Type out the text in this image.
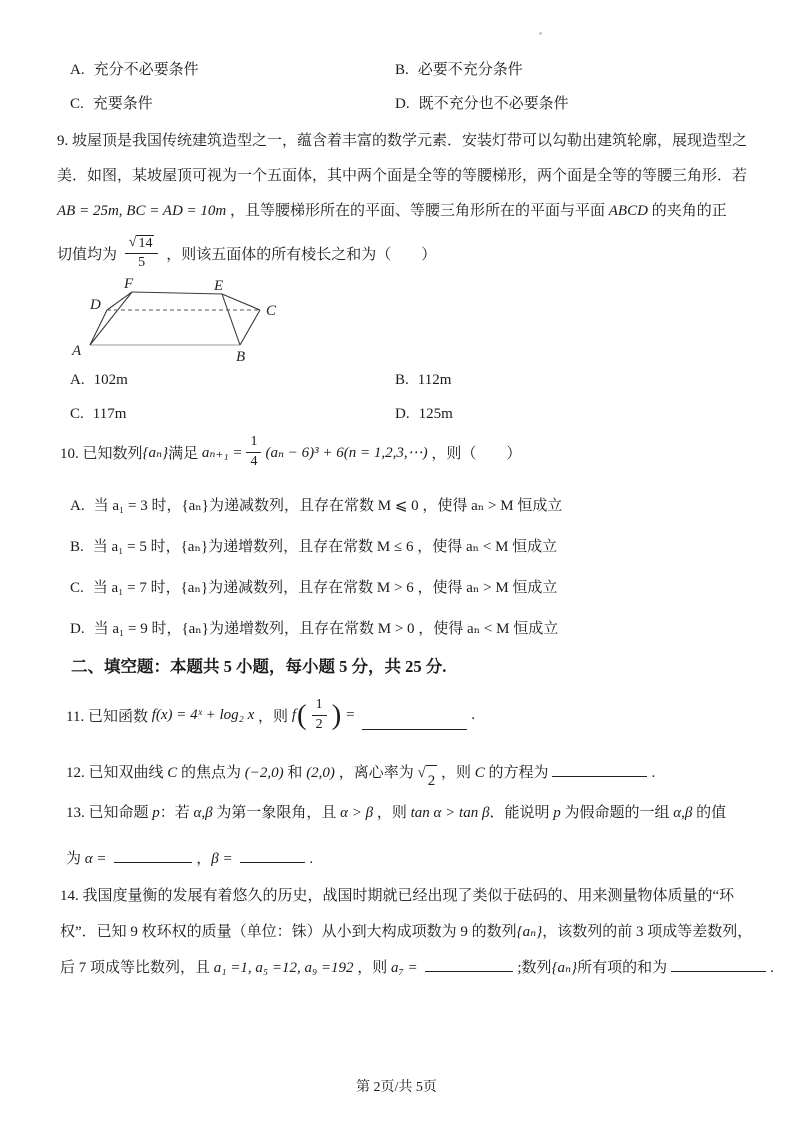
A. 充分不必要条件	B. 必要不充分条件
C. 充要条件	D. 既不充分也不必要条件
9. 坡屋顶是我国传统建筑造型之一，蕴含着丰富的数学元素．安装灯带可以勾勒出建筑轮廓，展现造型之
美．如图，某坡屋顶可视为一个五面体，其中两个面是全等的等腰梯形，两个面是全等的等腰三角形．若
AB = 25m, BC = AD = 10m ，且等腰梯形所在的平面、等腰三角形所在的平面与平面 ABCD 的夹角的正
切值均为 $\frac{√ 14}{5}$ ，则该五面体的所有棱长之和为（　　）
A	B
C
D
E
F
A. 102m	B. 112m
C. 117m	D. 125m
10. 已知数列 {aₙ} 满足 $a_{n+1} = \frac{1}{4} (a_n - 6)^3 + 6(n$ = 1,2,3,⋯) ，则（　　）
A. 当 a₁ = 3 时，{aₙ}为递减数列，且存在常数 M ⩽ 0 ，使得 aₙ > M 恒成立
B. 当 a₁ = 5 时，{aₙ}为递增数列，且存在常数 M ≤ 6 ，使得 aₙ < M 恒成立
C. 当 a₁ = 7 时，{aₙ}为递减数列，且存在常数 M > 6 ，使得 aₙ > M 恒成立
D. 当 a₁ = 9 时，{aₙ}为递增数列，且存在常数 M > 0 ，使得 aₙ < M 恒成立
二、填空题：本题共 5 小题，每小题 5 分，共 25 分.
11. 已知函数 f(x) = 4ˣ + log₂ x ，则 f ( $\frac{1}{2}$ ) =	.
12. 已知双曲线 C 的焦点为 (−2,0) 和 (2,0) ，离心率为 √ 2 ，则 C 的方程为	.
13. 已知命题 p：若 α,β 为第一象限角，且 α > β ，则 tan α > tan β．能说明 p 为假命题的一组 α,β 的值
为 α =	，β =	.
14. 我国度量衡的发展有着悠久的历史，战国时期就已经出现了类似于砝码的、用来测量物体质量的“环
权”．已知 9 枚环权的质量（单位：铢）从小到大构成项数为 9 的数列{aₙ}，该数列的前 3 项成等差数列，
后 7 项成等比数列，且 a₁ =1, a₅ =12, a₉ =192 ，则 a₇ =	;数列{aₙ}所有项的和为	.
第 2页/共 5页
